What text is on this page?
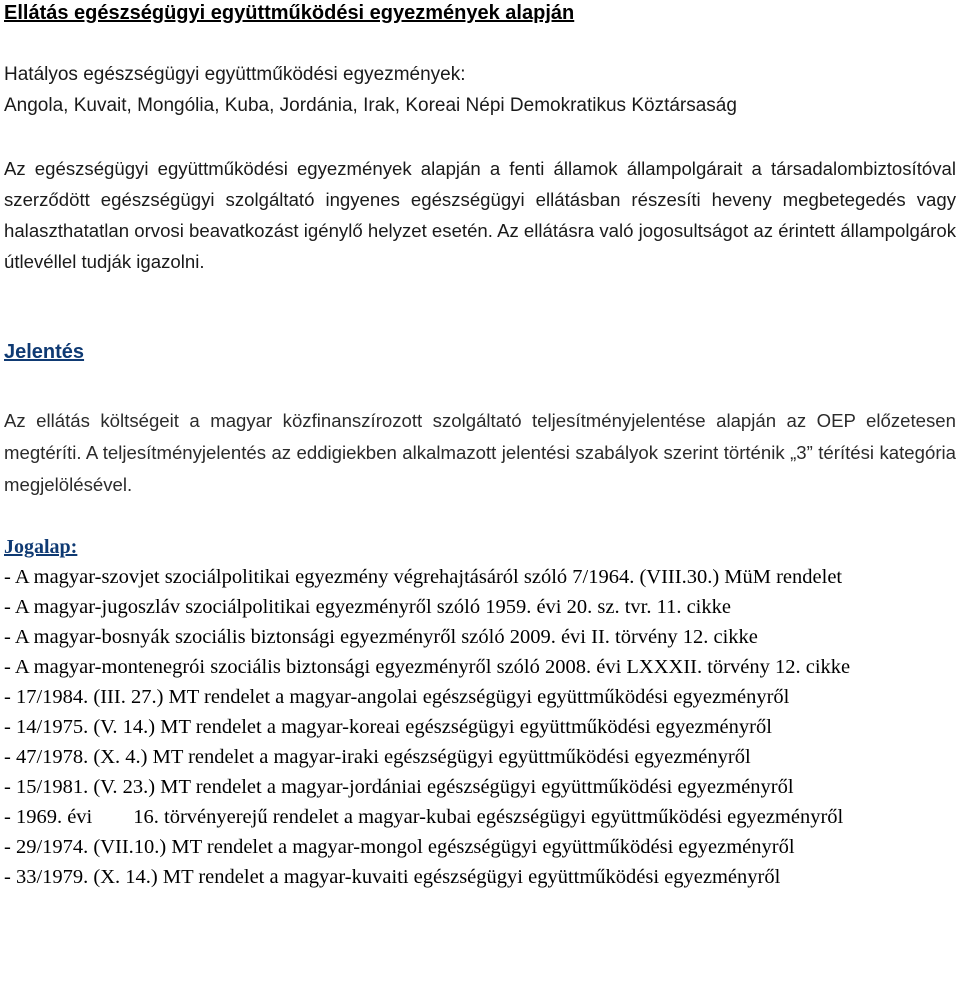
Ellátás egészségügyi együttműködési egyezmények alapján

Hatályos egészségügyi együttműködési egyezmények:

Angola, Kuvait, Mongólia, Kuba, Jordánia, Irak, Koreai Népi Demokratikus Köztársaság

Az egészségügyi együttműködési egyezmények alapján a fenti államok állampolgárait a társadalombiztosítóval szerződött egészségügyi szolgáltató ingyenes egészségügyi ellátásban részesíti heveny megbetegedés vagy halaszthatatlan orvosi beavatkozást igénylő helyzet esetén. Az ellátásra való jogosultságot az érintett állampolgárok útlevéllel tudják igazolni.

Jelentés

Az ellátás költségeit a magyar közfinanszírozott szolgáltató teljesítményjelentése alapján az OEP előzetesen megtéríti. A teljesítményjelentés az eddigiekben alkalmazott jelentési szabályok szerint történik „3” térítési kategória megjelölésével.

Jogalap:
- A magyar-szovjet szociálpolitikai egyezmény végrehajtásáról szóló 7/1964. (VIII.30.) MüM rendelet
- A magyar-jugoszláv szociálpolitikai egyezményről szóló 1959. évi 20. sz. tvr. 11. cikke
- A magyar-bosnyák szociális biztonsági egyezményről szóló 2009. évi II. törvény 12. cikke
- A magyar-montenegrói szociális biztonsági egyezményről szóló 2008. évi LXXXII. törvény 12. cikke
- 17/1984. (III. 27.) MT rendelet a magyar-angolai egészségügyi együttműködési egyezményről
- 14/1975. (V. 14.) MT rendelet a magyar-koreai egészségügyi együttműködési egyezményről
- 47/1978. (X. 4.) MT rendelet a magyar-iraki egészségügyi együttműködési egyezményről
- 15/1981. (V. 23.) MT rendelet a magyar-jordániai egészségügyi együttműködési egyezményről
- 1969. évi        16. törvényerejű rendelet a magyar-kubai egészségügyi együttműködési egyezményről
- 29/1974. (VII.10.) MT rendelet a magyar-mongol egészségügyi együttműködési egyezményről
- 33/1979. (X. 14.) MT rendelet a magyar-kuvaiti egészségügyi együttműködési egyezményről
